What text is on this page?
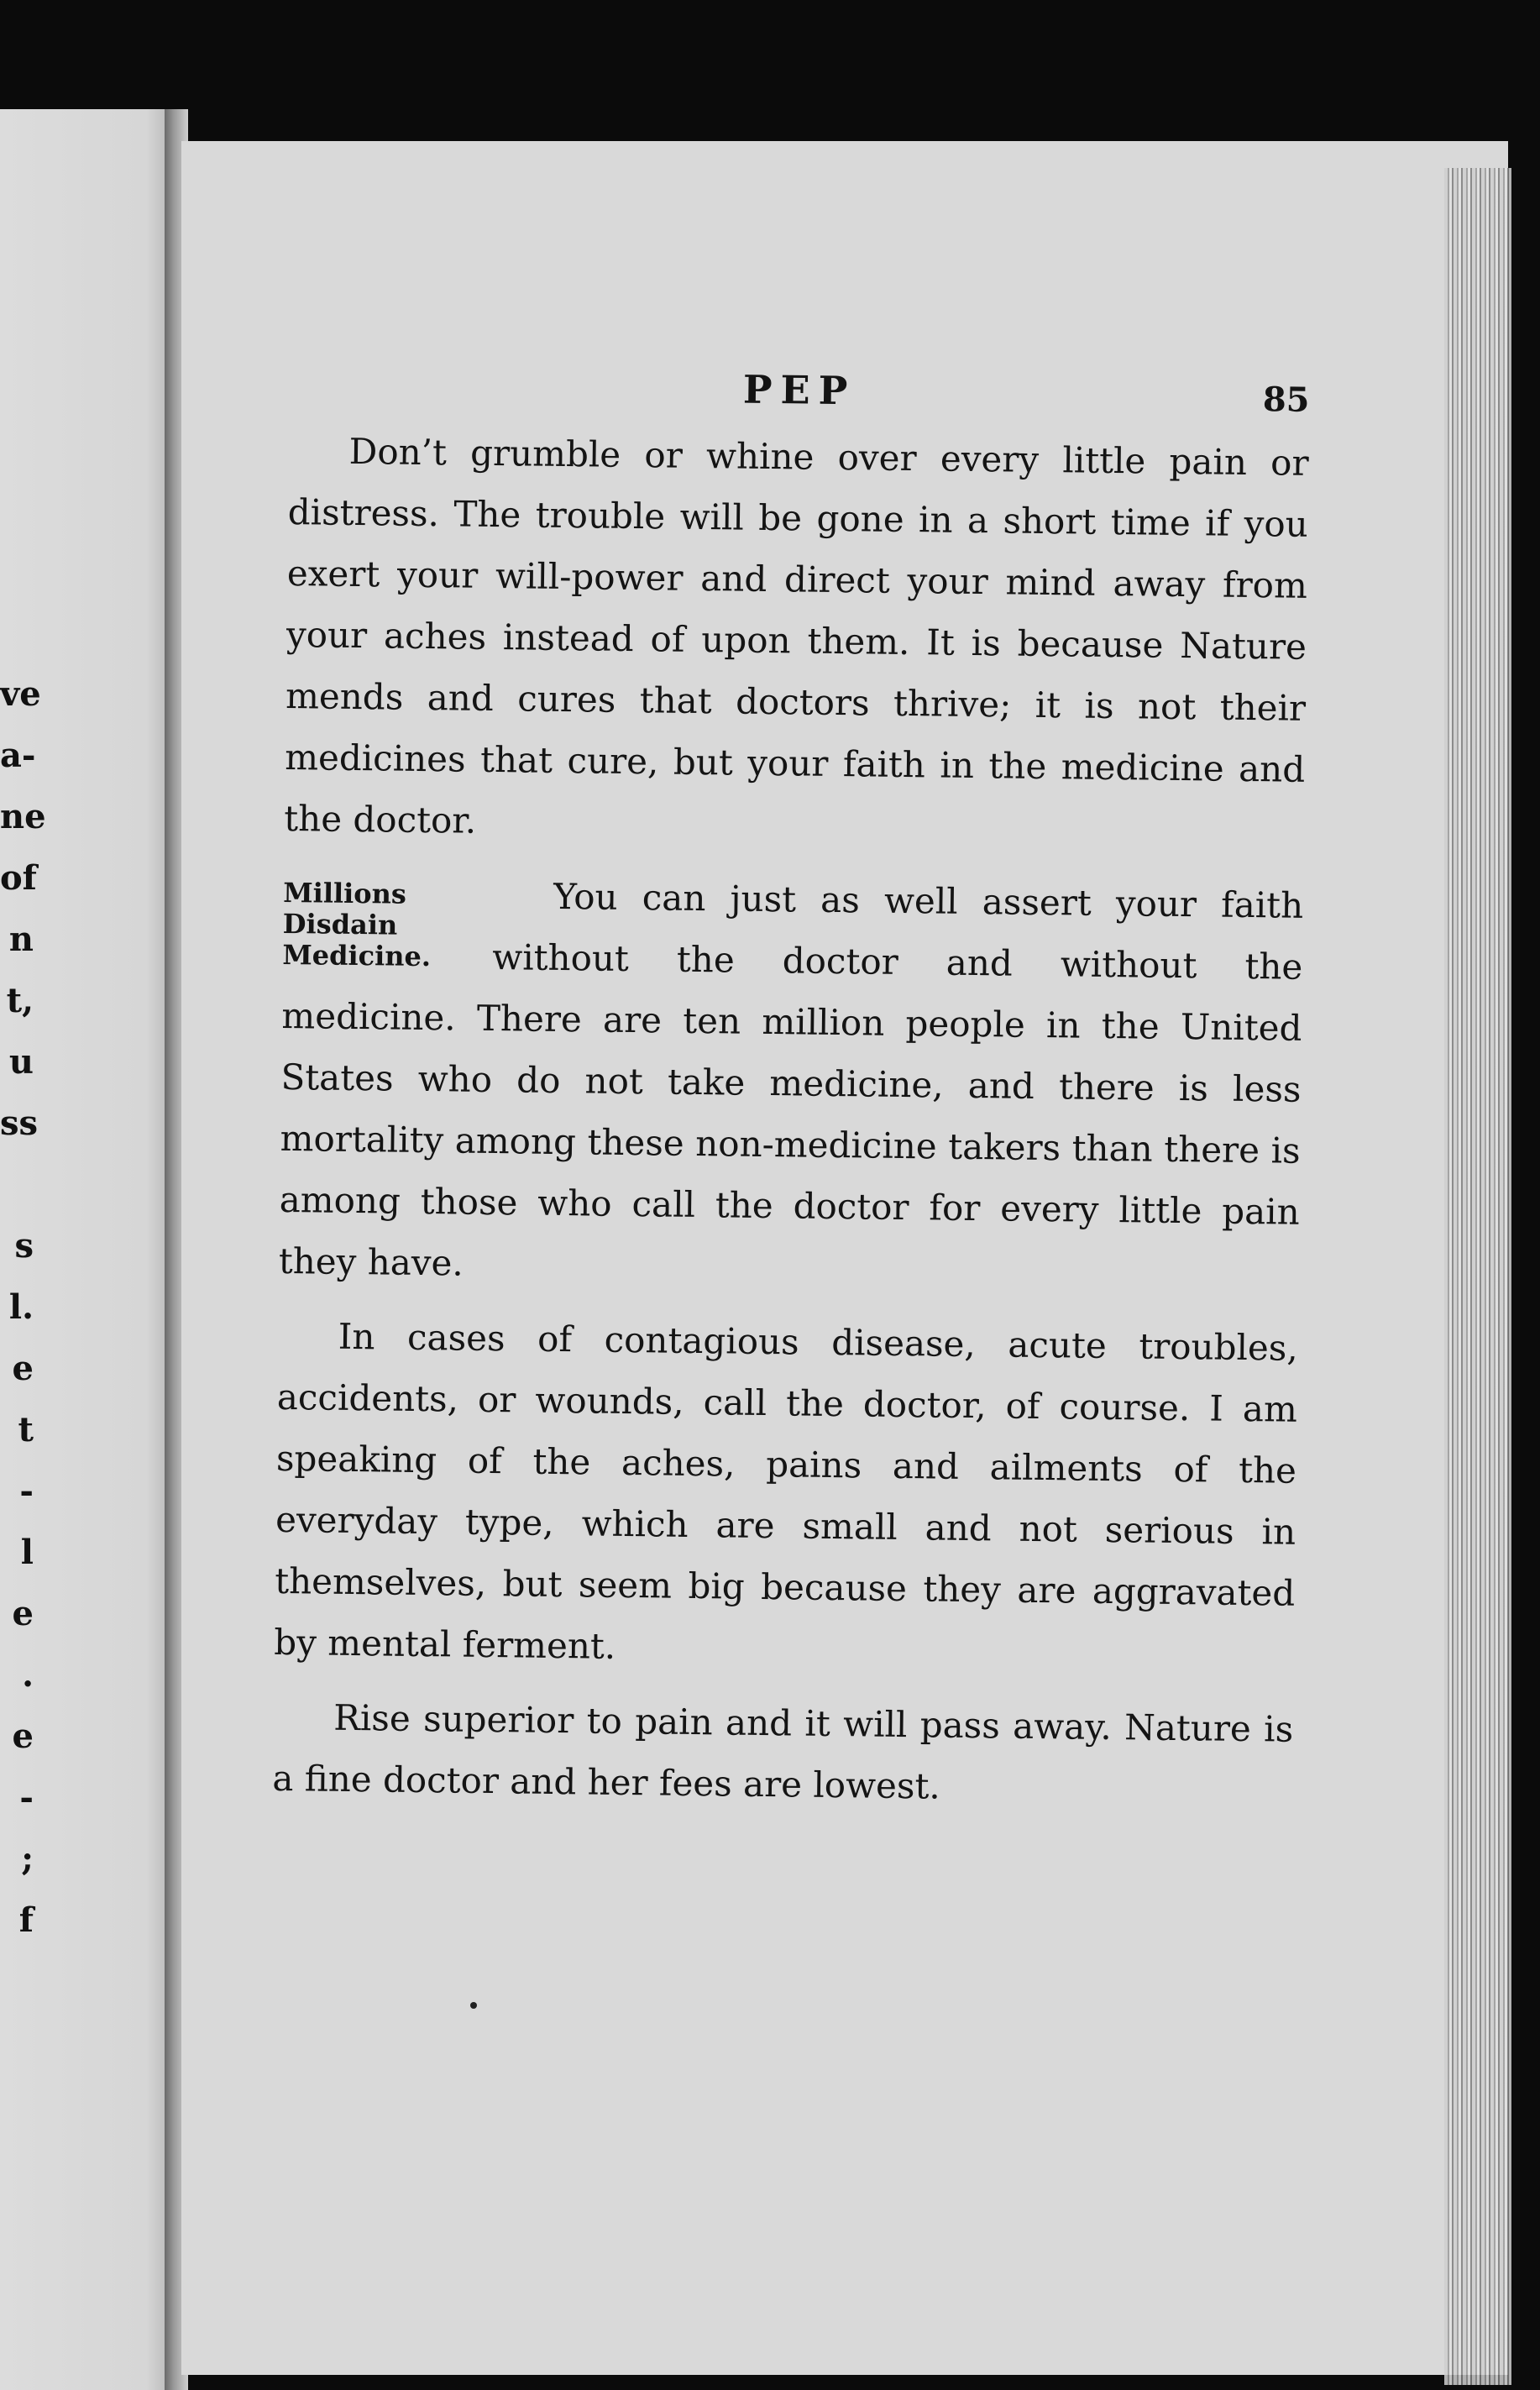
ve
a-
ne
of
n
t,
u
ss

s
l.
e
t
-
l
e
.
e
-
;
f
PEP	85

Don’t grumble or whine over every little pain or distress. The trouble will be gone in a short time if you exert your will-power and direct your mind away from your aches instead of upon them. It is because Nature mends and cures that doctors thrive; it is not their medicines that cure, but your faith in the medicine and the doctor.

Millions
Disdain
Medicine.
You can just as well assert your faith without the doctor and without the medicine. There are ten million people in the United States who do not take medicine, and there is less mortality among these non-medicine takers than there is among those who call the doctor for every little pain they have.

In cases of contagious disease, acute troubles, accidents, or wounds, call the doctor, of course. I am speaking of the aches, pains and ailments of the everyday type, which are small and not serious in themselves, but seem big because they are aggravated by mental ferment.

Rise superior to pain and it will pass away. Nature is a fine doctor and her fees are lowest.
